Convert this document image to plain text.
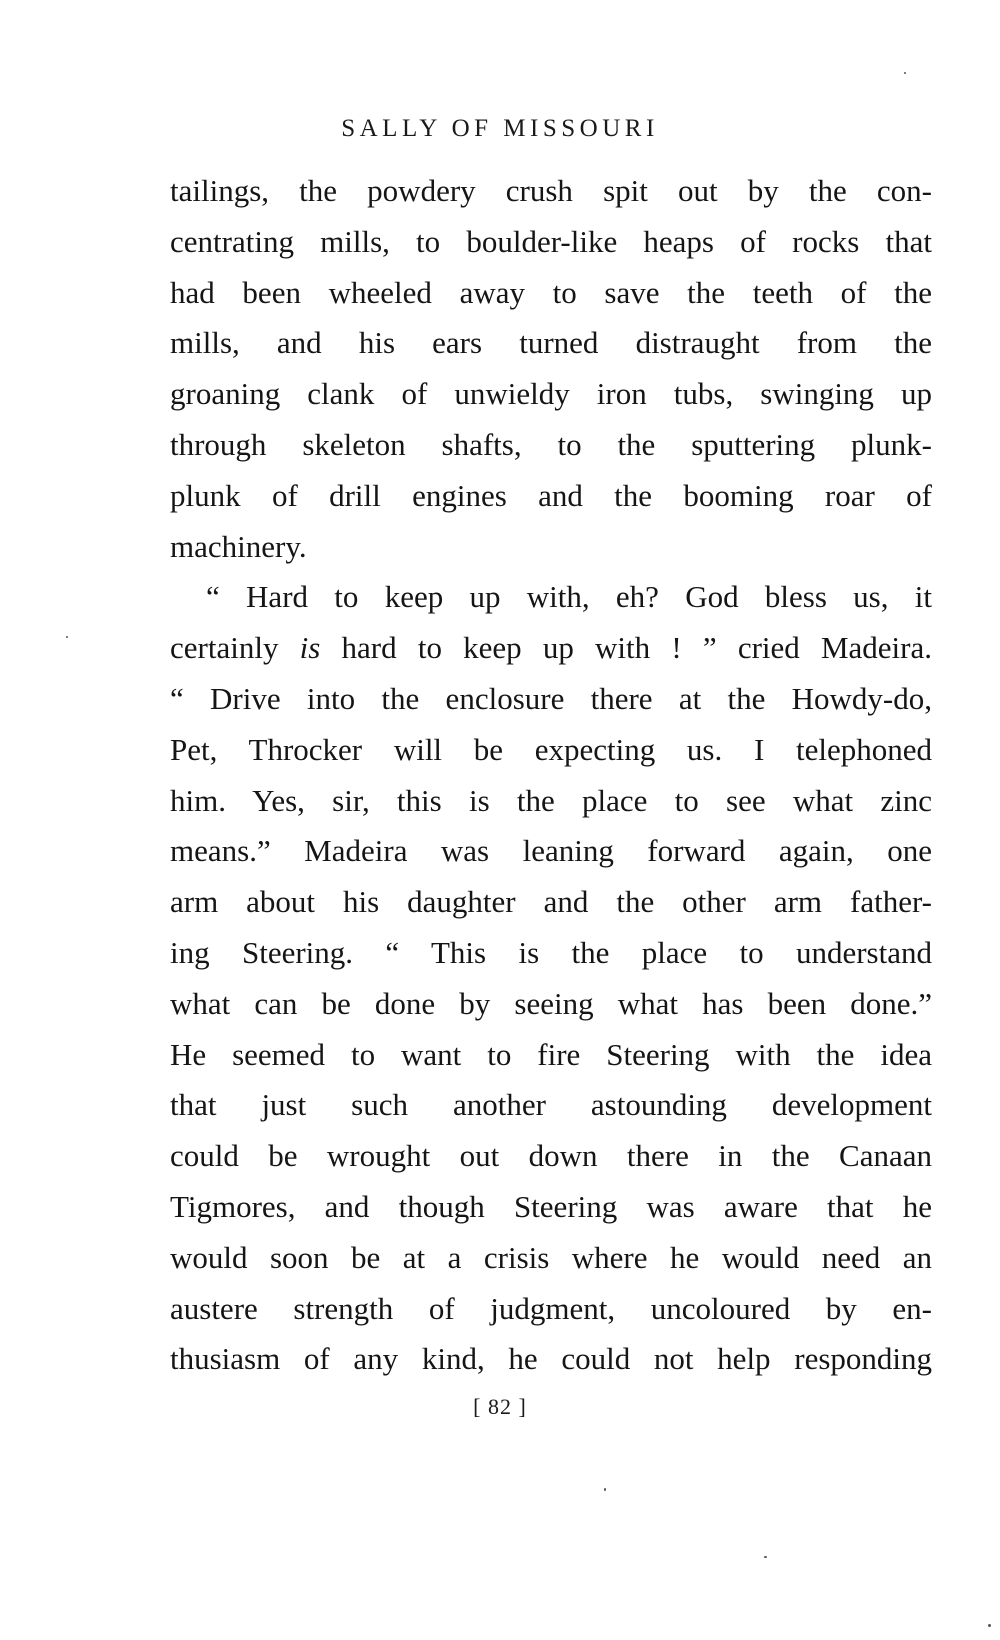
SALLY OF MISSOURI
tailings, the powdery crush spit out by the con-
centrating mills, to boulder-like heaps of rocks that
had been wheeled away to save the teeth of the
mills, and his ears turned distraught from the
groaning clank of unwieldy iron tubs, swinging up
through skeleton shafts, to the sputtering plunk-
plunk of drill engines and the booming roar of
machinery.
“ Hard to keep up with, eh? God bless us, it
certainly is hard to keep up with ! ” cried Madeira.
“ Drive into the enclosure there at the Howdy-do,
Pet, Throcker will be expecting us. I telephoned
him. Yes, sir, this is the place to see what zinc
means.” Madeira was leaning forward again, one
arm about his daughter and the other arm father-
ing Steering. “ This is the place to understand
what can be done by seeing what has been done.”
He seemed to want to fire Steering with the idea
that just such another astounding development
could be wrought out down there in the Canaan
Tigmores, and though Steering was aware that he
would soon be at a crisis where he would need an
austere strength of judgment, uncoloured by en-
thusiasm of any kind, he could not help responding
[ 82 ]
